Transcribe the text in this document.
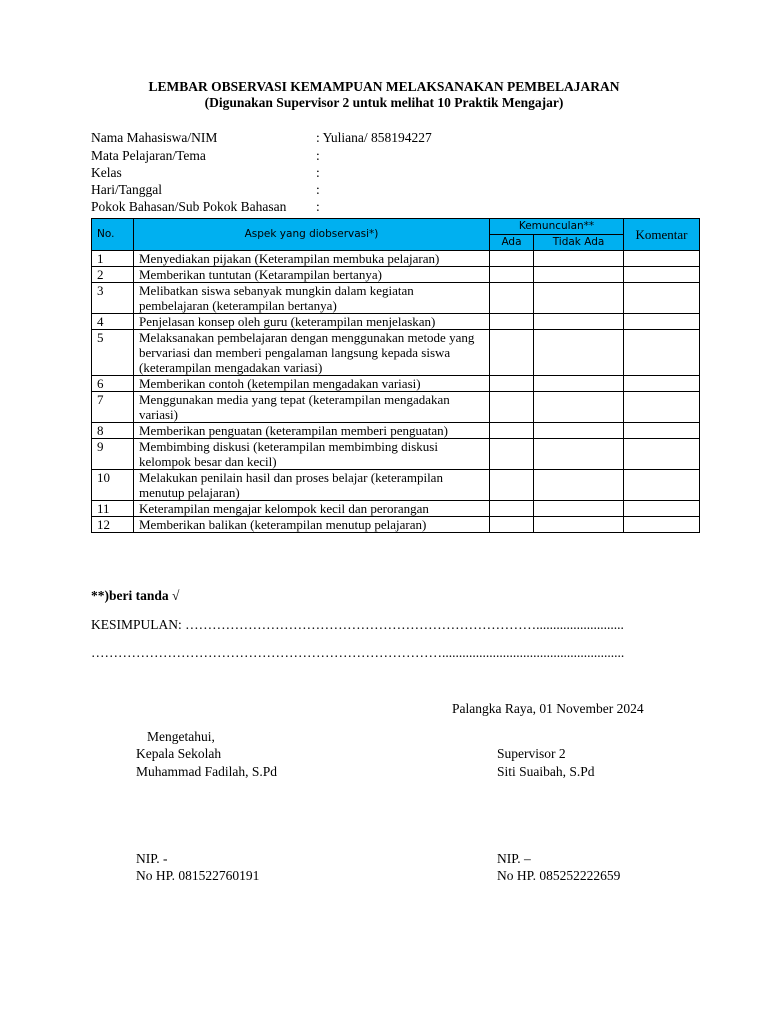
LEMBAR OBSERVASI KEMAMPUAN MELAKSANAKAN PEMBELAJARAN
(Digunakan Supervisor 2 untuk melihat 10 Praktik Mengajar)
Nama Mahasiswa/NIM	: Yuliana/ 858194227
Mata Pelajaran/Tema	:
Kelas	:
Hari/Tanggal	:
Pokok Bahasan/Sub Pokok Bahasan :
No.	Aspek yang diobservasi*)	Kemunculan**		Komentar
		Ada	Tidak Ada	
1	Menyediakan pijakan (Keterampilan membuka pelajaran)			
2	Memberikan tuntutan (Ketarampilan bertanya)			
3	Melibatkan siswa sebanyak mungkin dalam kegiatan pembelajaran (keterampilan bertanya)			
4	Penjelasan konsep oleh guru (keterampilan menjelaskan)			
5	Melaksanakan pembelajaran dengan menggunakan metode yang bervariasi dan memberi pengalaman langsung kepada siswa (keterampilan mengadakan variasi)			
6	Memberikan contoh (ketempilan mengadakan variasi)			
7	Menggunakan media yang tepat (keterampilan mengadakan variasi)			
8	Memberikan penguatan (keterampilan memberi penguatan)			
9	Membimbing diskusi (keterampilan membimbing diskusi kelompok besar dan kecil)			
10	Melakukan penilain hasil dan proses belajar (keterampilan menutup pelajaran)			
11	Keterampilan mengajar kelompok kecil dan perorangan			
12	Memberikan balikan (keterampilan menutup pelajaran)			
**)beri tanda √
KESIMPULAN: ……………………………………………………………………..........................
……………………………………………………………………......................................................
Palangka Raya, 01 November 2024
Mengetahui,
Kepala Sekolah
Muhammad Fadilah, S.Pd
NIP. -
No HP. 081522760191
Supervisor 2
Siti Suaibah, S.Pd
NIP. –
No HP. 085252222659
